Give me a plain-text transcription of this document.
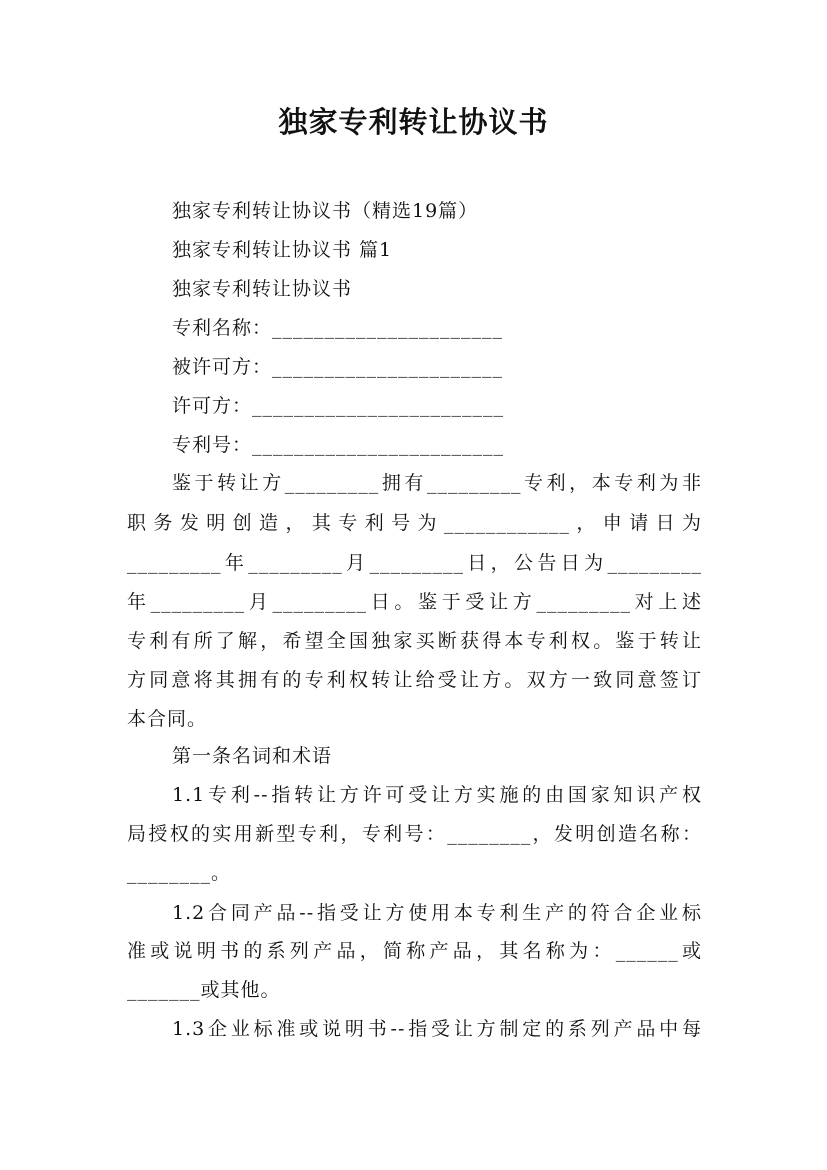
独家专利转让协议书
独家专利转让协议书（精选19篇）
独家专利转让协议书 篇1
独家专利转让协议书
专利名称：______________________
被许可方：______________________
许可方：________________________
专利号：________________________
鉴于转让方_________拥有_________专利，本专利为非
职务发明创造，其专利号为____________，申请日为
_________年_________月_________日，公告日为_________
年_________月_________日。鉴于受让方_________对上述
专利有所了解，希望全国独家买断获得本专利权。鉴于转让
方同意将其拥有的专利权转让给受让方。双方一致同意签订
本合同。
第一条名词和术语
1.1专利--指转让方许可受让方实施的由国家知识产权
局授权的实用新型专利，专利号：________，发明创造名称：
________。
1.2合同产品--指受让方使用本专利生产的符合企业标
准或说明书的系列产品，简称产品，其名称为：______或
_______或其他。
1.3企业标准或说明书--指受让方制定的系列产品中每
